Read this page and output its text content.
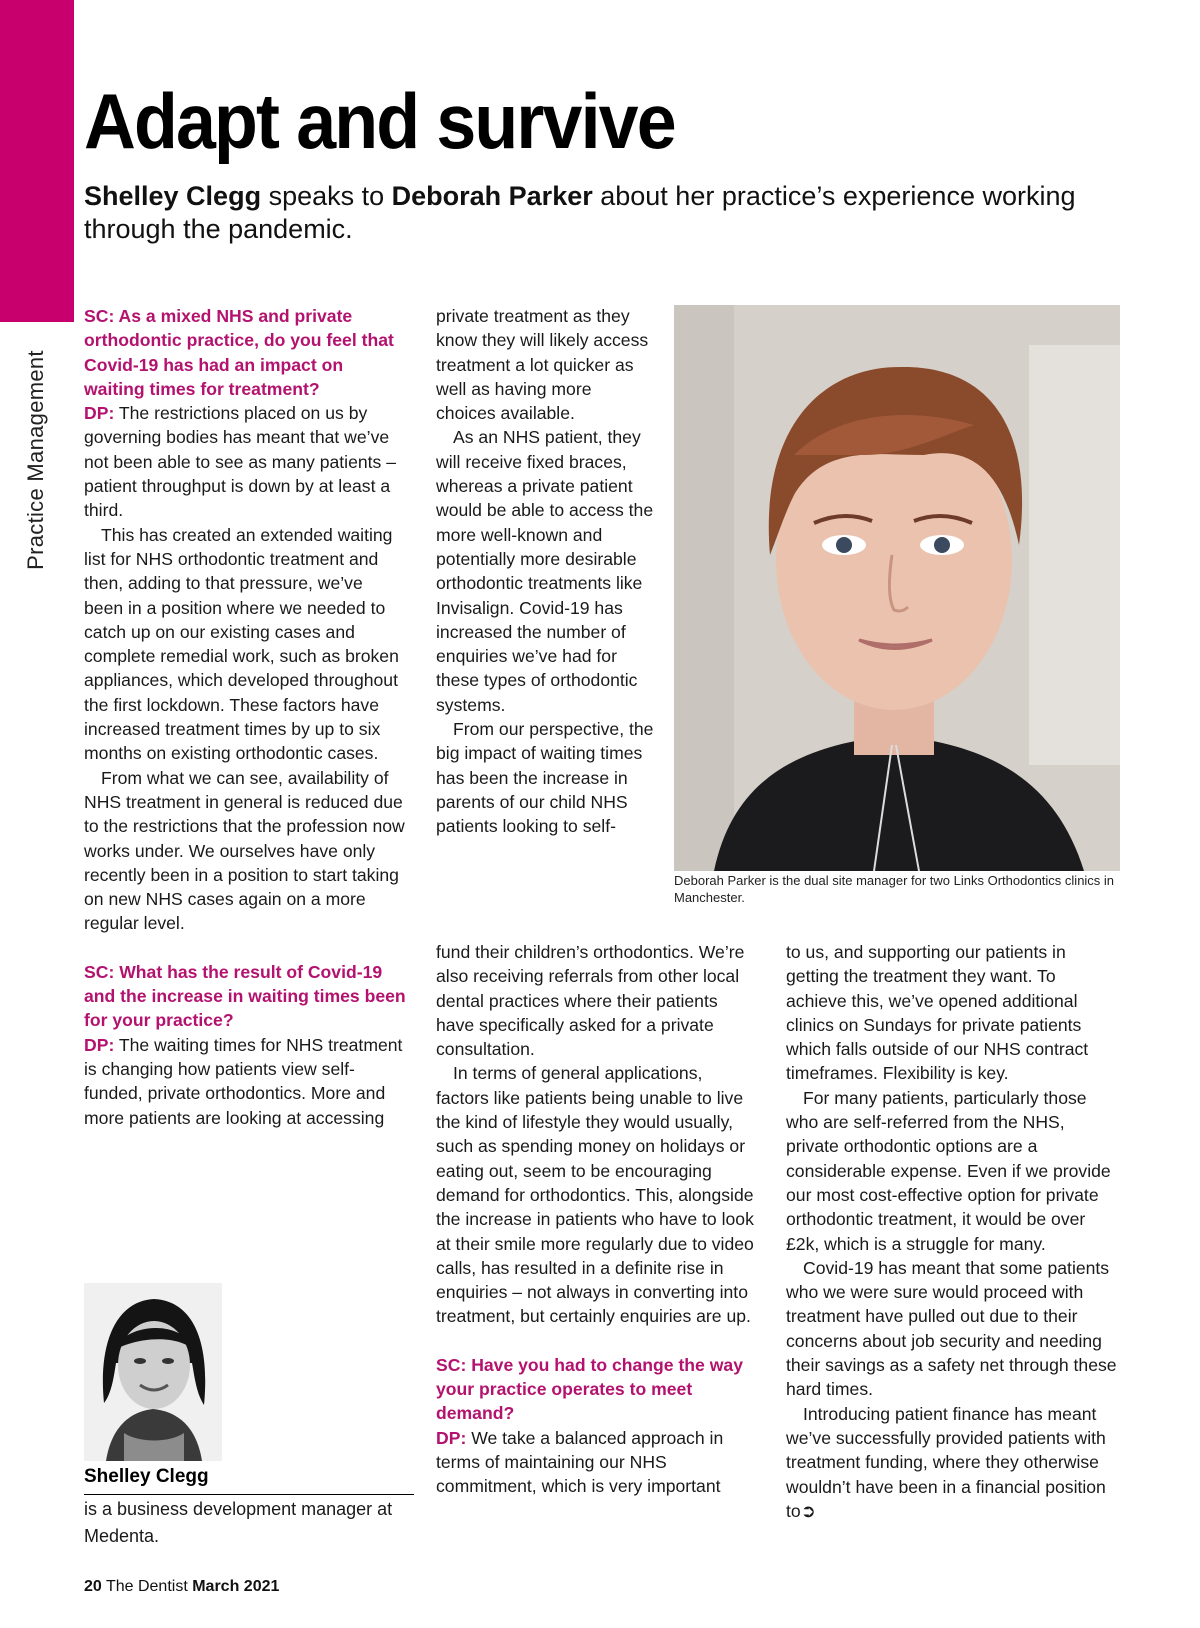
Practice Management
Adapt and survive

Shelley Clegg speaks to Deborah Parker about her practice’s experience working through the pandemic.

SC: As a mixed NHS and private orthodontic practice, do you feel that Covid-19 has had an impact on waiting times for treatment?

DP: The restrictions placed on us by governing bodies has meant that we’ve not been able to see as many patients – patient throughput is down by at least a third.

This has created an extended waiting list for NHS orthodontic treatment and then, adding to that pressure, we’ve been in a position where we needed to catch up on our existing cases and complete remedial work, such as broken appliances, which developed throughout the first lockdown. These factors have increased treatment times by up to six months on existing orthodontic cases.

From what we can see, availability of NHS treatment in general is reduced due to the restrictions that the profession now works under. We ourselves have only recently been in a position to start taking on new NHS cases again on a more regular level.

SC: What has the result of Covid-19 and the increase in waiting times been for your practice?

DP: The waiting times for NHS treatment is changing how patients view self-funded, private orthodontics. More and more patients are looking at accessing

private treatment as they know they will likely access treatment a lot quicker as well as having more choices available.

As an NHS patient, they will receive fixed braces, whereas a private patient would be able to access the more well-known and potentially more desirable orthodontic treatments like Invisalign. Covid-19 has increased the number of enquiries we’ve had for these types of orthodontic systems.

From our perspective, the big impact of waiting times has been the increase in parents of our child NHS patients looking to self-

fund their children’s orthodontics. We’re also receiving referrals from other local dental practices where their patients have specifically asked for a private consultation.

In terms of general applications, factors like patients being unable to live the kind of lifestyle they would usually, such as spending money on holidays or eating out, seem to be encouraging demand for orthodontics. This, alongside the increase in patients who have to look at their smile more regularly due to video calls, has resulted in a definite rise in enquiries – not always in converting into treatment, but certainly enquiries are up.

SC: Have you had to change the way your practice operates to meet demand?

DP: We take a balanced approach in terms of maintaining our NHS commitment, which is very important

to us, and supporting our patients in getting the treatment they want. To achieve this, we’ve opened additional clinics on Sundays for private patients which falls outside of our NHS contract timeframes. Flexibility is key.

For many patients, particularly those who are self-referred from the NHS, private orthodontic options are a considerable expense. Even if we provide our most cost-effective option for private orthodontic treatment, it would be over £2k, which is a struggle for many.

Covid-19 has meant that some patients who we were sure would proceed with treatment have pulled out due to their concerns about job security and needing their savings as a safety net through these hard times.

Introducing patient finance has meant we’ve successfully provided patients with treatment funding, where they otherwise wouldn’t have been in a financial position to➲

Deborah Parker is the dual site manager for two Links Orthodontics clinics in Manchester.

Shelley Clegg

is a business development manager at Medenta.

20 The Dentist March 2021
